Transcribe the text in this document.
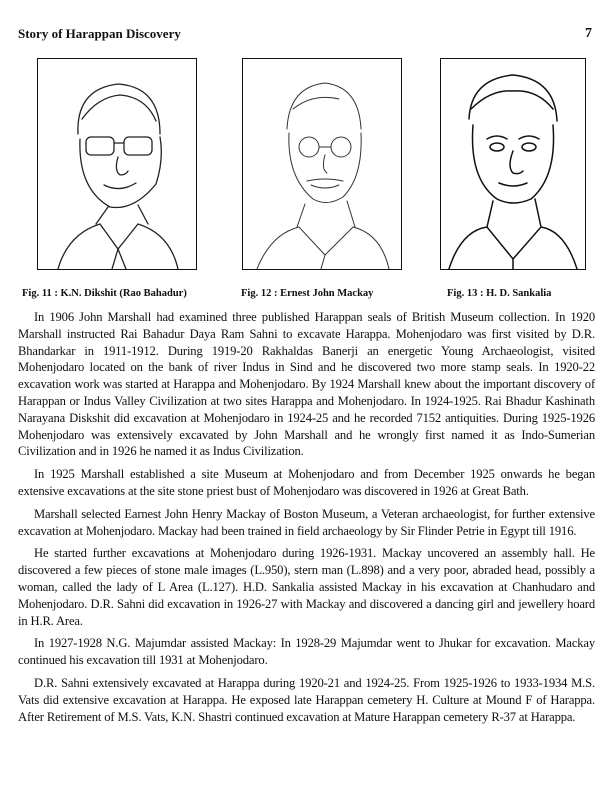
Story of Harappan Discovery	7
Fig. 11 : K.N. Dikshit (Rao Bahadur)	Fig. 12 : Ernest John Mackay	Fig. 13 : H. D. Sankalia

In 1906 John Marshall had examined three published Harappan seals of British Museum collection. In 1920 Marshall instructed Rai Bahadur Daya Ram Sahni to excavate Harappa. Mohenjodaro was first visited by D.R. Bhandarkar in 1911-1912. During 1919-20 Rakhaldas Banerji an energetic Young Archaeologist, visited Mohenjodaro located on the bank of river Indus in Sind and he discovered two more stamp seals. In 1920-22 excavation work was started at Harappa and Mohenjodaro. By 1924 Marshall knew about the important discovery of Harappan or Indus Valley Civilization at two sites Harappa and Mohenjodaro. In 1924-1925. Rai Bhadur Kashinath Narayana Diskshit did excavation at Mohenjodaro in 1924-25 and he recorded 7152 antiquities. During 1925-1926 Mohenjodaro was extensively excavated by John Marshall and he wrongly first named it as Indo-Sumerian Civilization and in 1926 he named it as Indus Civilization.

In 1925 Marshall established a site Museum at Mohenjodaro and from December 1925 onwards he began extensive excavations at the site stone priest bust of Mohenjodaro was discovered in 1926 at Great Bath.

Marshall selected Earnest John Henry Mackay of Boston Museum, a Veteran archaeologist, for further extensive excavation at Mohenjodaro. Mackay had been trained in field archaeology by Sir Flinder Petrie in Egypt till 1916.

He started further excavations at Mohenjodaro during 1926-1931. Mackay uncovered an assembly hall. He discovered a few pieces of stone male images (L.950), stern man (L.898) and a very poor, abraded head, possibly a woman, called the lady of L Area (L.127). H.D. Sankalia assisted Mackay in his excavation at Chanhudaro and Mohenjodaro. D.R. Sahni did excavation in 1926-27 with Mackay and discovered a dancing girl and jewellery hoard in H.R. Area.

In 1927-1928 N.G. Majumdar assisted Mackay: In 1928-29 Majumdar went to Jhukar for excavation. Mackay continued his excavation till 1931 at Mohenjodaro.

D.R. Sahni extensively excavated at Harappa during 1920-21 and 1924-25. From 1925-1926 to 1933-1934 M.S. Vats did extensive excavation at Harappa. He exposed late Harappan cemetery H. Culture at Mound F of Harappa. After Retirement of M.S. Vats, K.N. Shastri continued excavation at Mature Harappan cemetery R-37 at Harappa.
